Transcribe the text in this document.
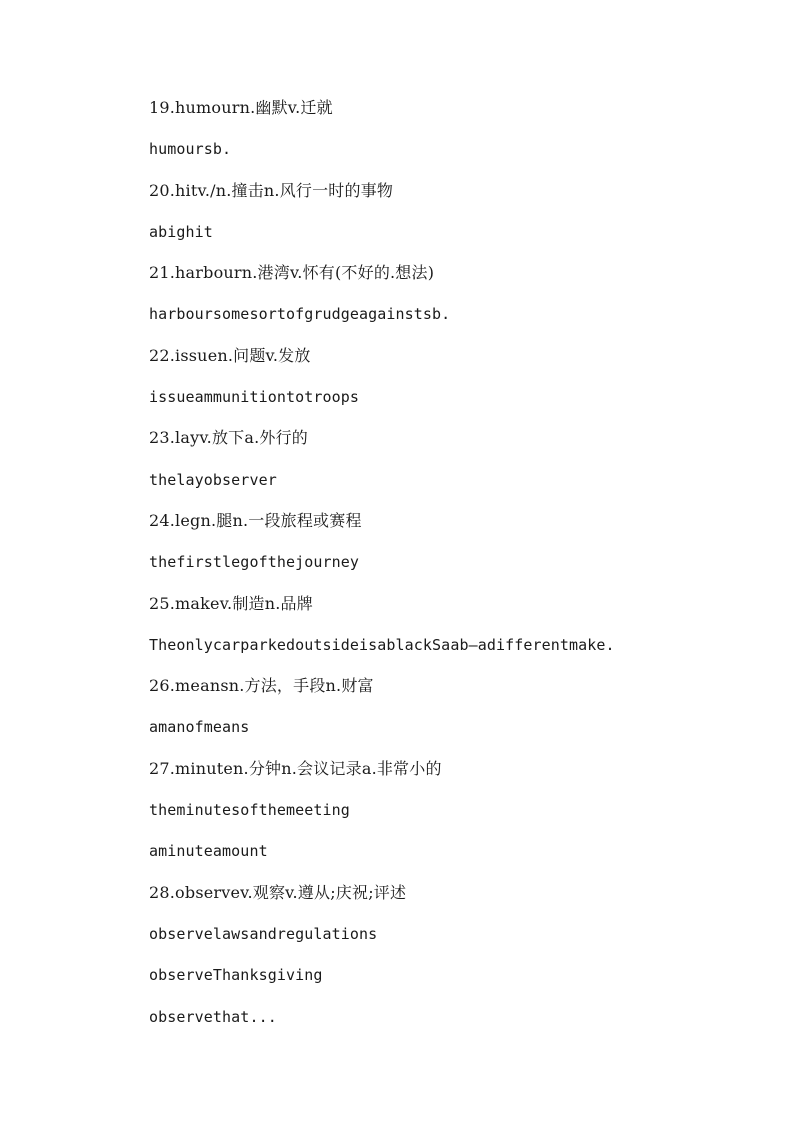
19.humourn.幽默v.迁就
humoursb.
20.hitv./n.撞击n.风行一时的事物
abighit
21.harbourn.港湾v.怀有(不好的.想法)
harboursomesortofgrudgeagainstsb.
22.issuen.问题v.发放
issueammunitiontotroops
23.layv.放下a.外行的
thelayobserver
24.legn.腿n.一段旅程或赛程
thefirstlegofthejourney
25.makev.制造n.品牌
TheonlycarparkedoutsideisablackSaab—adifferentmake.
26.meansn.方法，手段n.财富
amanofmeans
27.minuten.分钟n.会议记录a.非常小的
theminutesofthemeeting
aminuteamount
28.observev.观察v.遵从;庆祝;评述
observelawsandregulations
observeThanksgiving
observethat...
